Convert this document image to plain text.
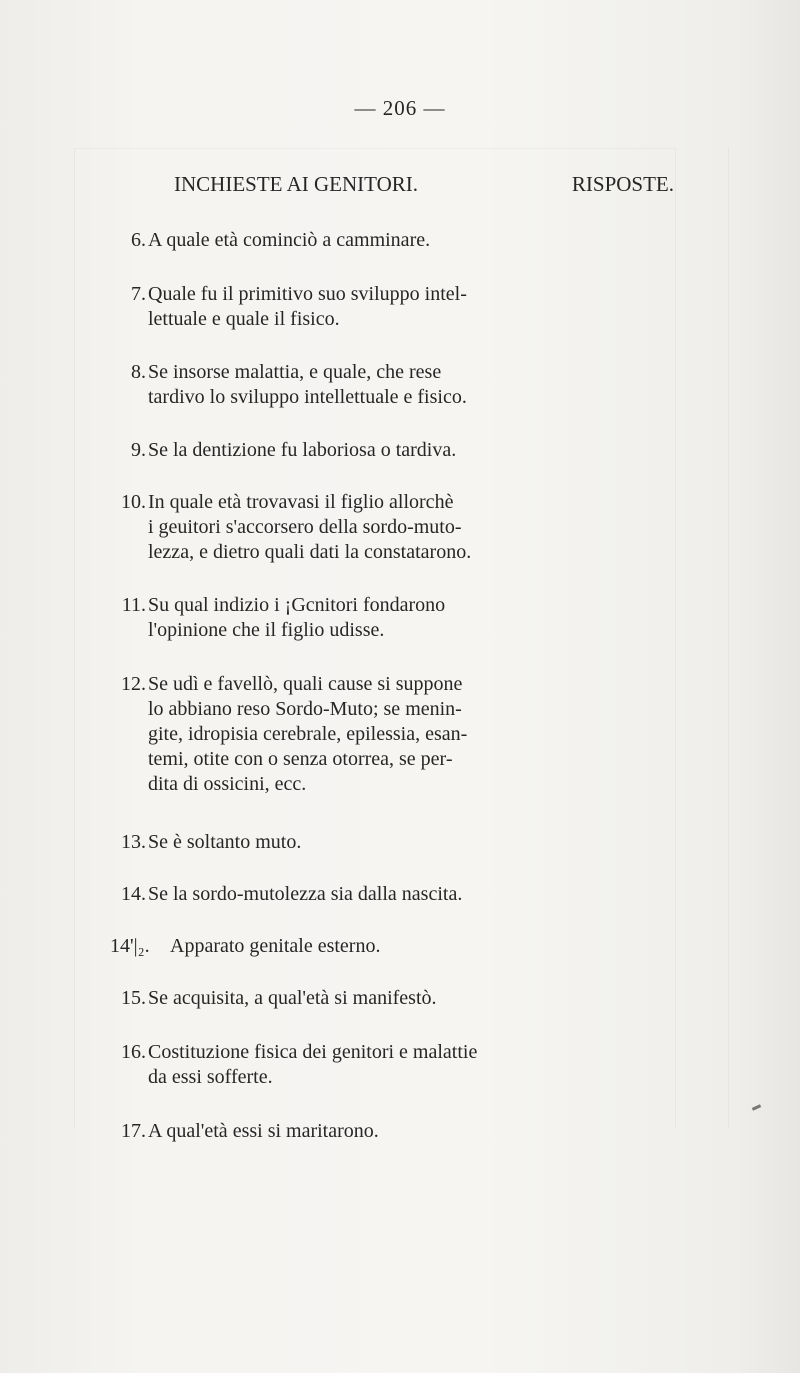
— 206 —
INCHIESTE AI GENITORI.	RISPOSTE.
6. A quale età cominciò a camminare.
7. Quale fu il primitivo suo sviluppo intel-
lettuale e quale il fisico.
8. Se insorse malattia, e quale, che rese
tardivo lo sviluppo intellettuale e fisico.
9. Se la dentizione fu laboriosa o tardiva.
10. In quale età trovavasi il figlio allorchè
i geuitori s'accorsero della sordo-muto-
lezza, e dietro quali dati la constatarono.
11. Su qual indizio i ¡Gcnitori fondarono
l'opinione che il figlio udisse.
12. Se udì e favellò, quali cause si suppone
lo abbiano reso Sordo-Muto; se menin-
gite, idropisia cerebrale, epilessia, esan-
temi, otite con o senza otorrea, se per-
dita di ossicini, ecc.
13. Se è soltanto muto.
14. Se la sordo-mutolezza sia dalla nascita.
14'|₂. Apparato genitale esterno.
15. Se acquisita, a qual'età si manifestò.
16. Costituzione fisica dei genitori e malattie
da essi sofferte.
17. A qual'età essi si maritarono.
